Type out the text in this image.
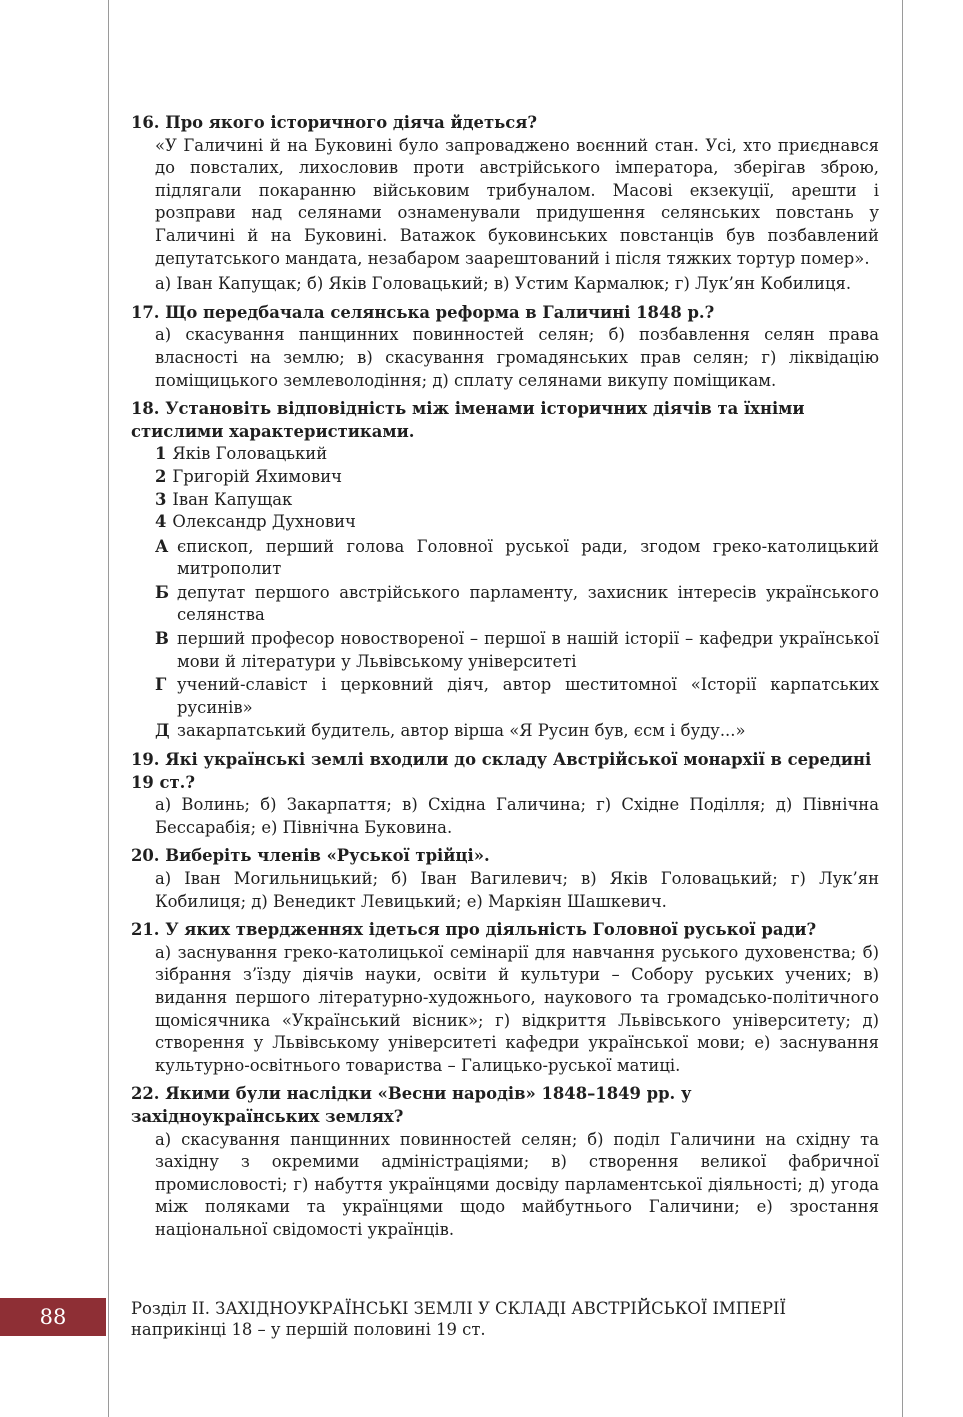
16. Про якого історичного діяча йдеться?

«У Галичині й на Буковині було запроваджено воєнний стан. Усі, хто приєднався до повсталих, лихословив проти австрійського імператора, зберігав зброю, підлягали покаранню військовим трибуналом. Масові екзекуції, арешти і розправи над селянами ознаменували придушення селянських повстань у Галичині й на Буковині. Ватажок буковинських повстанців був позбавлений депутатського мандата, незабаром заарештований і після тяжких тортур помер».

а) Іван Капущак; б) Яків Головацький; в) Устим Кармалюк; г) Лук’ян Кобилиця.

17. Що передбачала селянська реформа в Галичині 1848 р.?

а) скасування панщинних повинностей селян; б) позбавлення селян права власності на землю; в) скасування громадянських прав селян; г) ліквідацію поміщицького землеволодіння; д) сплату селянами викупу поміщикам.

18. Установіть відповідність між іменами історичних діячів та їхніми стислими характеристиками.
1 Яків Головацький
2 Григорій Яхимович
3 Іван Капущак
4 Олександр Духнович
А єпископ, перший голова Головної руської ради, згодом греко-католицький митрополит
Б депутат першого австрійського парламенту, захисник інтересів українського селянства
В перший професор новоствореної – першої в нашій історії – кафедри української мови й літератури у Львівському університеті
Г учений-славіст і церковний діяч, автор шеститомної «Історії карпатських русинів»
Д закарпатський будитель, автор вірша «Я Русин був, єсм і буду...»
19. Які українські землі входили до складу Австрійської монархії в середині 19 ст.?

а) Волинь; б) Закарпаття; в) Східна Галичина; г) Східне Поділля; д) Північна Бессарабія; е) Північна Буковина.

20. Виберіть членів «Руської трійці».

а) Іван Могильницький; б) Іван Вагилевич; в) Яків Головацький; г) Лук’ян Кобилиця; д) Венедикт Левицький; е) Маркіян Шашкевич.

21. У яких твердженнях ідеться про діяльність Головної руської ради?

а) заснування греко-католицької семінарії для навчання руського духовенства; б) зібрання з’їзду діячів науки, освіти й культури – Собору руських учених; в) видання першого літературно-художнього, наукового та громадсько-політичного щомісячника «Український вісник»; г) відкриття Львівського університету; д) створення у Львівському університеті кафедри української мови; е) заснування культурно-освітнього товариства – Галицько-руської матиці.

22. Якими були наслідки «Весни народів» 1848–1849 рр. у західноукраїнських землях?

а) скасування панщинних повинностей селян; б) поділ Галичини на східну та західну з окремими адміністраціями; в) створення великої фабричної промисловості; г) набуття українцями досвіду парламентської діяльності; д) угода між поляками та українцями щодо майбутнього Галичини; е) зростання національної свідомості українців.

88	Розділ ІІ. ЗАХІДНОУКРАЇНСЬКІ ЗЕМЛІ У СКЛАДІ АВСТРІЙСЬКОЇ ІМПЕРІЇ
наприкінці 18 – у першій половині 19 ст.
